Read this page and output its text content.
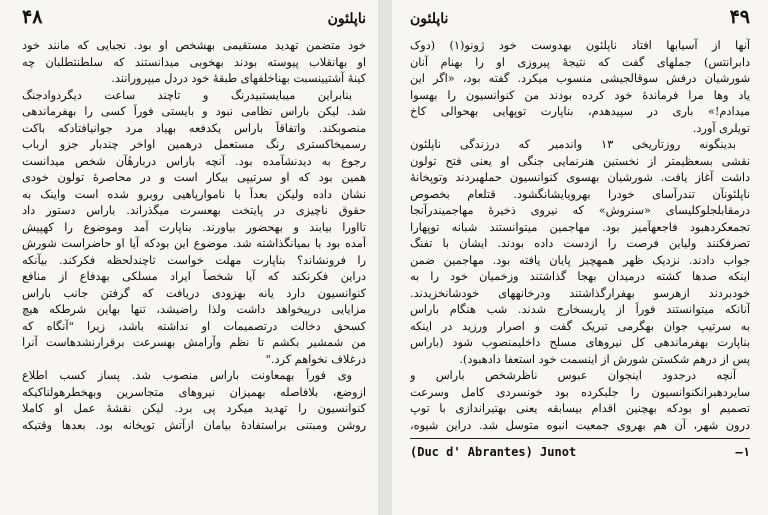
۴۸	ناپلئون
خود متضمن تهدید مستقیمی بهشخص او بود. نجبایی که مانند خود
او بهانقلاب پیوسته بودند بهخوبی میدانستند که سلطنتطلبان چه
کینهٔ آشتیینسبت بهناخلفهای طبقهٔ خود دردل میپرورانند.
بنابراین میبایستبیدرنگ و تاچند ساعت دیگردوادجنگ
شد. لیکن باراس نظامی نبود و بایستی فوراً کسی را بهفرماندهی
منصوبکند. واتفاقاً باراس یکدفعه بهیاد مرد جوانیافتادکه باکت
رسمیخاکستری رنگ مستعمل درهمین اواخر چندبار جزو ارباب
رجوع به دیدنشآمده بود. آنچه باراس دربارهٔآن شخص میدانست
همین بود که او سرتیپی بیکار است و در محاصرهٔ تولون خودی
نشان داده ولیکن بعداً با ناموارپاهیی روبرو شده است واینک به
حقوق ناچیزی در پایتخت بهعسرت میگذراند. باراس دستور داد
تااورا بیابند و بهحضور بیاورند. بناپارت آمد وموضوع را کهپیش
آمده بود با بمیانگذاشته شد. موضوع این بودکه آیا او حاضراست شورش
را فرونشاند؟ بناپارت مهلت خواست تاچندلحظه فکرکند. بیآنکه
دراین فکرنکند که آیا شخصاً ایراد مسلکی بهدفاع از منافع
کنوانسیون دارد یانه بهزودی دریافت که گرفتن جانب باراس
مزایایی درپیخواهد داشت ولذا راضیشد، تنها بهاین شرطکه هیچ
کسحق دخالت درتصمیمات او نداشته باشد، زیرا "آنگاه که
من شمشیر بکشم تا نظم وآرامش بهسرعت برقرارنشدهاست آنرا
درغلاف نخواهم کرد."
وی فوراً بهمعاونت باراس منصوب شد. پساز کسب اطلاع
ازوضع، بلافاصله بهمیزان نیروهای متجاسرین وبهخطرهولناکیکه
کنوانسیون را تهدید میکرد پی برد. لیکن نقشهٔ عمل او کاملا
روشن ومبتنی براستفادهٔ بیامان ازآتش توپخانه بود. بعدها وقتیکه
ناپلئون	۴۹
آنها از آسیابها افتاد ناپلئون بهدوست خود ژونو(۱) (دوک
دابرانتس) جملهای گفت که نتیجهٔ پیروزی او را بهنام آنان
شورشیان درفش سوقالجیشی منسوب میکرد. گفته بود، «اگر این
یاد وها مرا فرماندهٔ خود کرده بودند من کنوانسیون را بهسوا
میدادم!» باری در سپیدهدم، بناپارت توپهایی بهحوالی کاخ
تویلری آورد.
بدینگونه روزتاریخی ۱۳ واندمیر که درزندگی ناپلئون
نقشی بسعظیمتر از نخستین هنرنمایی جنگی او یعنی فتح تولون
داشت آغاز یافت. شورشیان بهسوی کنوانسیون حملهبردند وتوپخانهٔ
ناپلئونآن تندرآسای خودرا بهرویایشانگشود. قتلعام بخصوص
درمقابلجلوکلیسای «سنروش» که نیروی ذخیرهٔ مهاجمیندرآنجا
تجمعکردهبود فاجعهآمیز بود. مهاجمین میتوانستند شبانه توپهارا
تصرفکنند ولیاین فرصت را ازدست داده بودند. ایشان با تفنگ
جواب دادند. نزدیک ظهر همهچیز پایان یافته بود. مهاجمین ضمن
اینکه صدها کشته درمیدان بهجا گذاشتند وزخمیان خود را به
خودبردند ازهرسو بهفرارگذاشتند ودرخانههای خودشانخزیدند.
آنانکه میتوانستند فوراً از پاریسخارج شدند. شب هنگام باراس
به سرتیپ جوان بهگرمی تبریک گفت و اصرار ورزید در اینکه
بناپارت بهفرماندهی کل نیروهای مسلح داخلیمنصوب شود (باراس
پس از درهم شکستن شورش از اینسمت خود استعفا دادهبود).
آنچه درجدود اینجوان عبوس ناظرشخص باراس و
سایردهبرانکنوانسیون را جلبکرده بود خونسردی کامل وسرعت
تصمیم او بودکه بهچنین اقدام بیسابقه یعنی بهتیراندازی با توپ
درون شهر، آن هم بهروی جمعیت انبوه متوسل شد. دراین شیوه،
(Duc d' Abrantes) Junot	—۱
